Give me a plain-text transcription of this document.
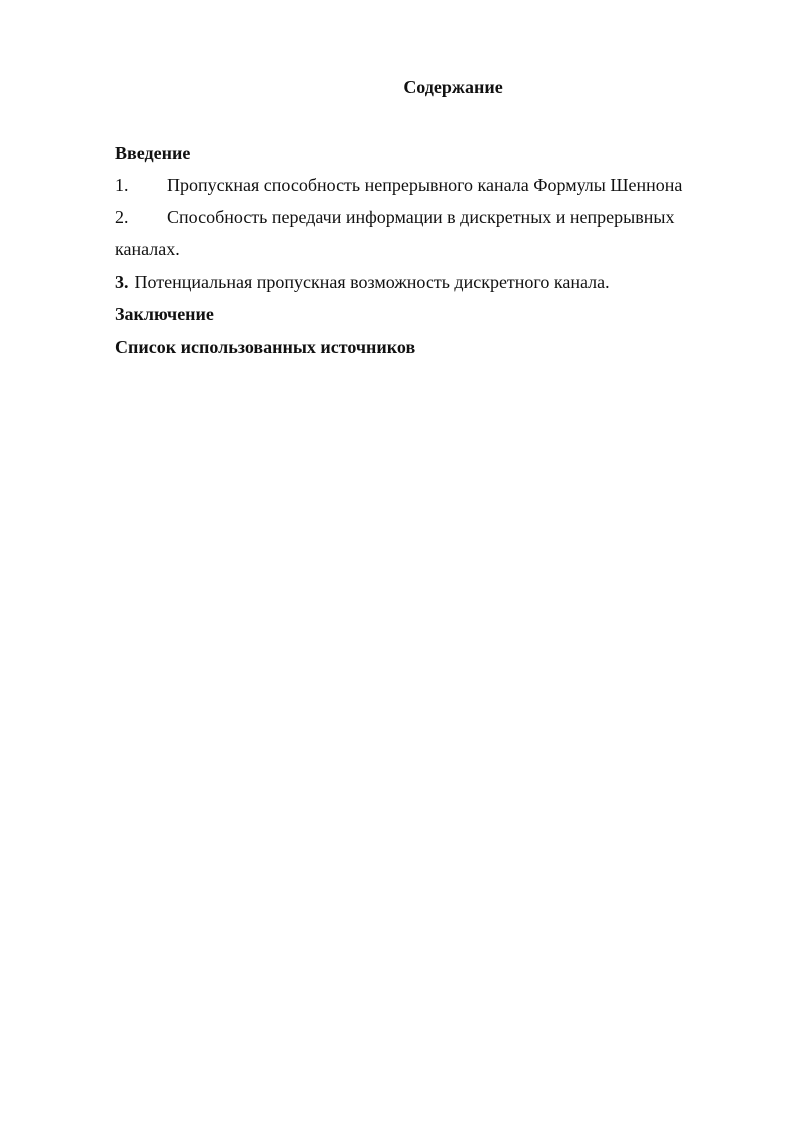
Содержание
Введение
1. Пропускная способность непрерывного канала Формулы Шеннона
2. Способность передачи информации в дискретных и непрерывных
каналах.
3. Потенциальная пропускная возможность дискретного канала.
Заключение
Список использованных источников
